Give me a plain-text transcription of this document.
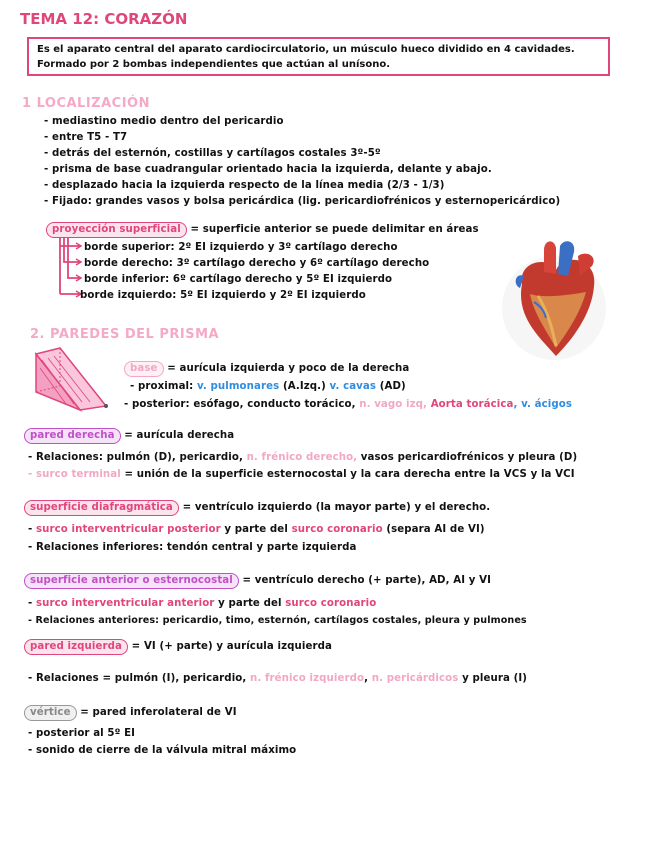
TEMA 12: CORAZÓN
Es el aparato central del aparato cardiocirculatorio, un músculo hueco dividido en 4 cavidades. Formado por 2 bombas independientes que actúan al unísono.
1 LOCALIZACIÓN
- mediastino medio dentro del pericardio
- entre T5 - T7
- detrás del esternón, costillas y cartílagos costales 3º-5º
- prisma de base cuadrangular orientado hacia la izquierda, delante y abajo.
- desplazado hacia la izquierda respecto de la línea media (2/3 - 1/3)
- Fijado: grandes vasos y bolsa pericárdica (lig. pericardiofrénicos y esternopericárdico)
proyección superficial = superficie anterior se puede delimitar en áreas
borde superior: 2º EI izquierdo y 3º cartílago derecho
borde derecho: 3º cartílago derecho y 6º cartílago derecho
borde inferior: 6º cartílago derecho y 5º EI izquierdo
borde izquierdo: 5º EI izquierdo y 2º EI izquierdo
2. PAREDES DEL PRISMA
base = aurícula izquierda y poco de la derecha
- proximal: v. pulmonares (A.Izq.) v. cavas (AD)
- posterior: esófago, conducto torácico, n. vago izq, Aorta torácica, v. ácigos
pared derecha = aurícula derecha
- Relaciones: pulmón (D), pericardio, n. frénico derecho, vasos pericardiofrénicos y pleura (D)
- surco terminal = unión de la superficie esternocostal y la cara derecha entre la VCS y la VCI
superficie diafragmática = ventrículo izquierdo (la mayor parte) y el derecho.
- surco interventricular posterior y parte del surco coronario (separa AI de VI)
- Relaciones inferiores: tendón central y parte izquierda
superficie anterior o esternocostal = ventrículo derecho (+ parte), AD, AI y VI
- surco interventricular anterior y parte del surco coronario
- Relaciones anteriores: pericardio, timo, esternón, cartílagos costales, pleura y pulmones
pared izquierda = VI (+ parte) y aurícula izquierda
- Relaciones = pulmón (I), pericardio, n. frénico izquierdo, n. pericárdicos y pleura (I)
vértice = pared inferolateral de VI
- posterior al 5º EI
- sonido de cierre de la válvula mitral máximo
